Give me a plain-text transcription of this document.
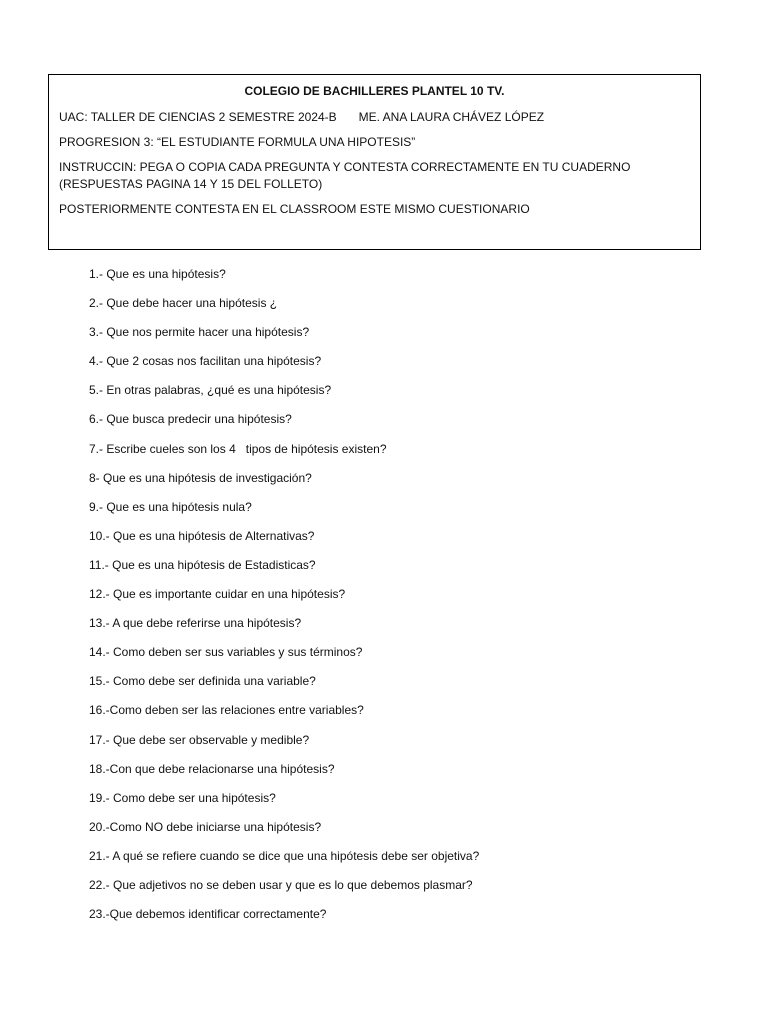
COLEGIO DE BACHILLERES PLANTEL 10 TV.
UAC: TALLER DE CIENCIAS 2 SEMESTRE 2024-B ME. ANA LAURA CHÁVEZ LÓPEZ
PROGRESION 3: “EL ESTUDIANTE FORMULA UNA HIPOTESIS”
INSTRUCCIN: PEGA O COPIA CADA PREGUNTA Y CONTESTA CORRECTAMENTE EN TU CUADERNO (RESPUESTAS PAGINA 14 Y 15 DEL FOLLETO)
POSTERIORMENTE CONTESTA EN EL CLASSROOM ESTE MISMO CUESTIONARIO
1.- Que es una hipótesis?
2.- Que debe hacer una hipótesis ¿
3.- Que nos permite hacer una hipótesis?
4.- Que 2 cosas nos facilitan una hipótesis?
5.- En otras palabras, ¿qué es una hipótesis?
6.- Que busca predecir una hipótesis?
7.- Escribe cueles son los 4   tipos de hipótesis existen?
8- Que es una hipótesis de investigación?
9.- Que es una hipótesis nula?
10.- Que es una hipótesis de Alternativas?
11.- Que es una hipótesis de Estadisticas?
12.- Que es importante cuidar en una hipótesis?
13.- A que debe referirse una hipótesis?
14.- Como deben ser sus variables y sus términos?
15.- Como debe ser definida una variable?
16.-Como deben ser las relaciones entre variables?
17.- Que debe ser observable y medible?
18.-Con que debe relacionarse una hipótesis?
19.- Como debe ser una hipótesis?
20.-Como NO debe iniciarse una hipótesis?
21.- A qué se refiere cuando se dice que una hipótesis debe ser objetiva?
22.- Que adjetivos no se deben usar y que es lo que debemos plasmar?
23.-Que debemos identificar correctamente?
